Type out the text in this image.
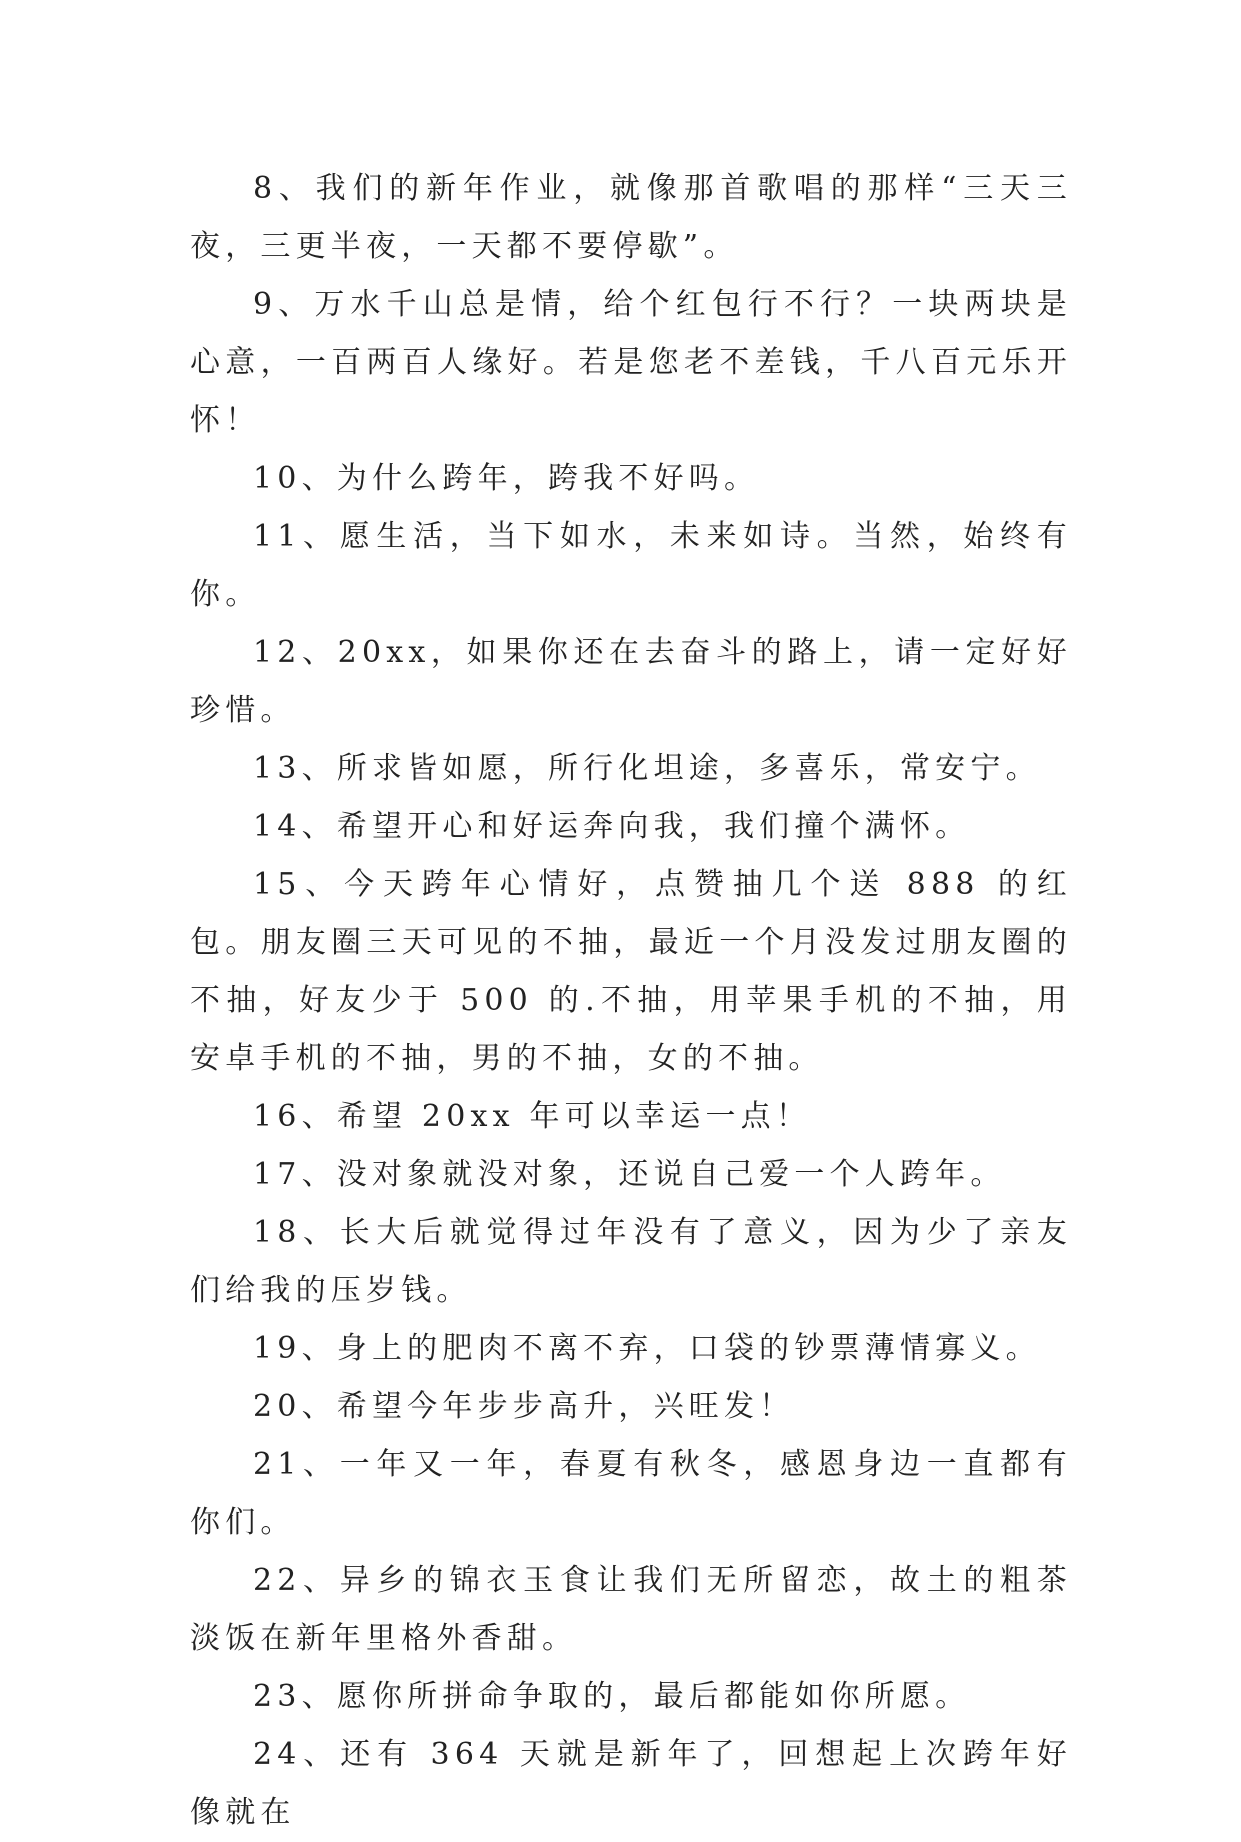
8、我们的新年作业，就像那首歌唱的那样“三天三夜，三更半夜，一天都不要停歇”。

9、万水千山总是情，给个红包行不行？一块两块是心意，一百两百人缘好。若是您老不差钱，千八百元乐开怀！

10、为什么跨年，跨我不好吗。

11、愿生活，当下如水，未来如诗。当然，始终有你。

12、20xx，如果你还在去奋斗的路上，请一定好好珍惜。

13、所求皆如愿，所行化坦途，多喜乐，常安宁。

14、希望开心和好运奔向我，我们撞个满怀。

15、今天跨年心情好，点赞抽几个送 888 的红包。朋友圈三天可见的不抽，最近一个月没发过朋友圈的不抽，好友少于 500 的.不抽，用苹果手机的不抽，用安卓手机的不抽，男的不抽，女的不抽。

16、希望 20xx 年可以幸运一点！

17、没对象就没对象，还说自己爱一个人跨年。

18、长大后就觉得过年没有了意义，因为少了亲友们给我的压岁钱。

19、身上的肥肉不离不弃，口袋的钞票薄情寡义。

20、希望今年步步高升，兴旺发！

21、一年又一年，春夏有秋冬，感恩身边一直都有你们。

22、异乡的锦衣玉食让我们无所留恋，故土的粗茶淡饭在新年里格外香甜。

23、愿你所拼命争取的，最后都能如你所愿。

24、还有 364 天就是新年了，回想起上次跨年好像就在
